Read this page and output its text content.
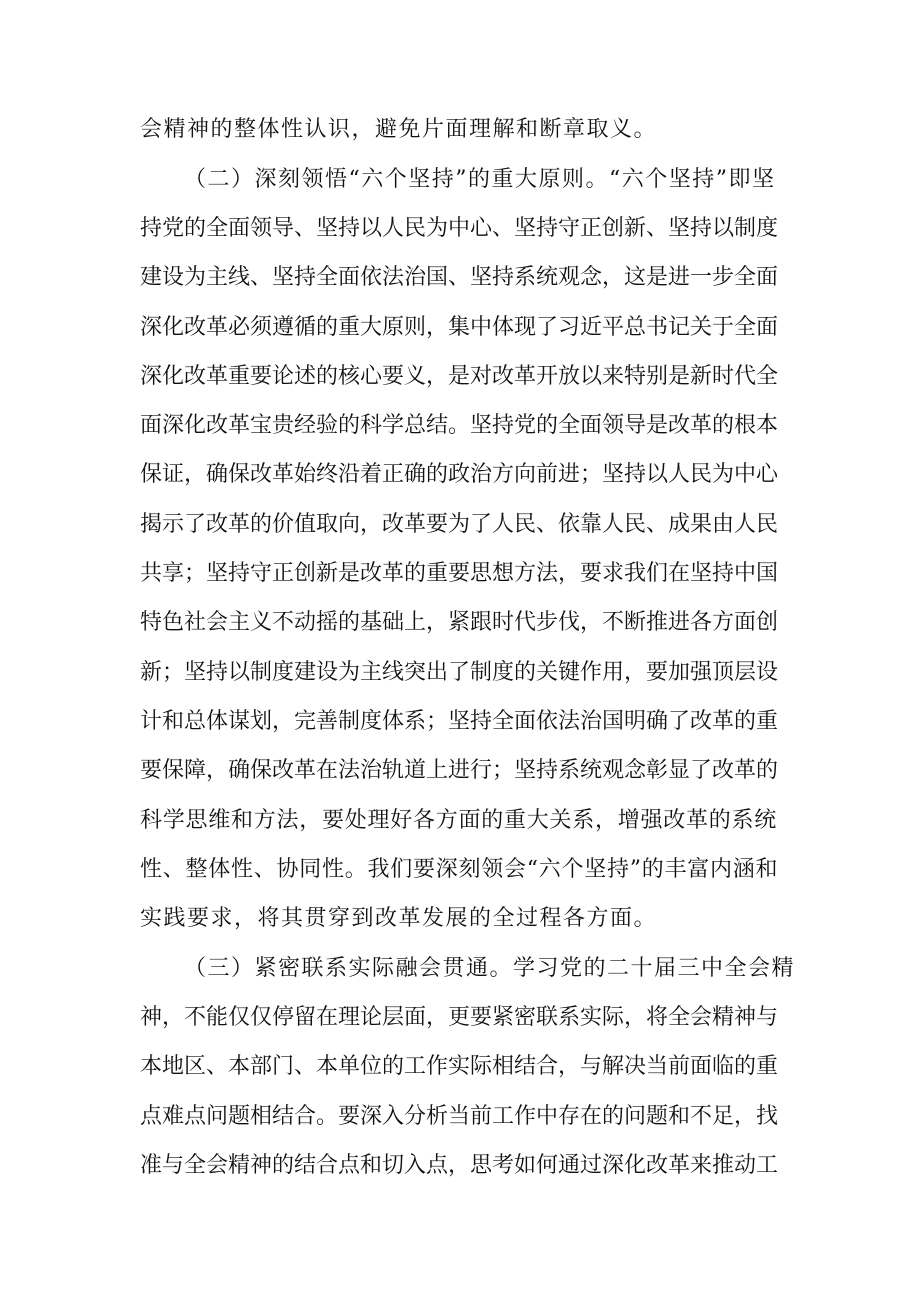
会精神的整体性认识，避免片面理解和断章取义。
（二）深刻领悟“六个坚持”的重大原则。“六个坚持”即坚
持党的全面领导、坚持以人民为中心、坚持守正创新、坚持以制度
建设为主线、坚持全面依法治国、坚持系统观念，这是进一步全面
深化改革必须遵循的重大原则，集中体现了习近平总书记关于全面
深化改革重要论述的核心要义，是对改革开放以来特别是新时代全
面深化改革宝贵经验的科学总结。坚持党的全面领导是改革的根本
保证，确保改革始终沿着正确的政治方向前进；坚持以人民为中心
揭示了改革的价值取向，改革要为了人民、依靠人民、成果由人民
共享；坚持守正创新是改革的重要思想方法，要求我们在坚持中国
特色社会主义不动摇的基础上，紧跟时代步伐，不断推进各方面创
新；坚持以制度建设为主线突出了制度的关键作用，要加强顶层设
计和总体谋划，完善制度体系；坚持全面依法治国明确了改革的重
要保障，确保改革在法治轨道上进行；坚持系统观念彰显了改革的
科学思维和方法，要处理好各方面的重大关系，增强改革的系统
性、整体性、协同性。我们要深刻领会“六个坚持”的丰富内涵和
实践要求，将其贯穿到改革发展的全过程各方面。
（三）紧密联系实际融会贯通。学习党的二十届三中全会精
神，不能仅仅停留在理论层面，更要紧密联系实际，将全会精神与
本地区、本部门、本单位的工作实际相结合，与解决当前面临的重
点难点问题相结合。要深入分析当前工作中存在的问题和不足，找
准与全会精神的结合点和切入点，思考如何通过深化改革来推动工
